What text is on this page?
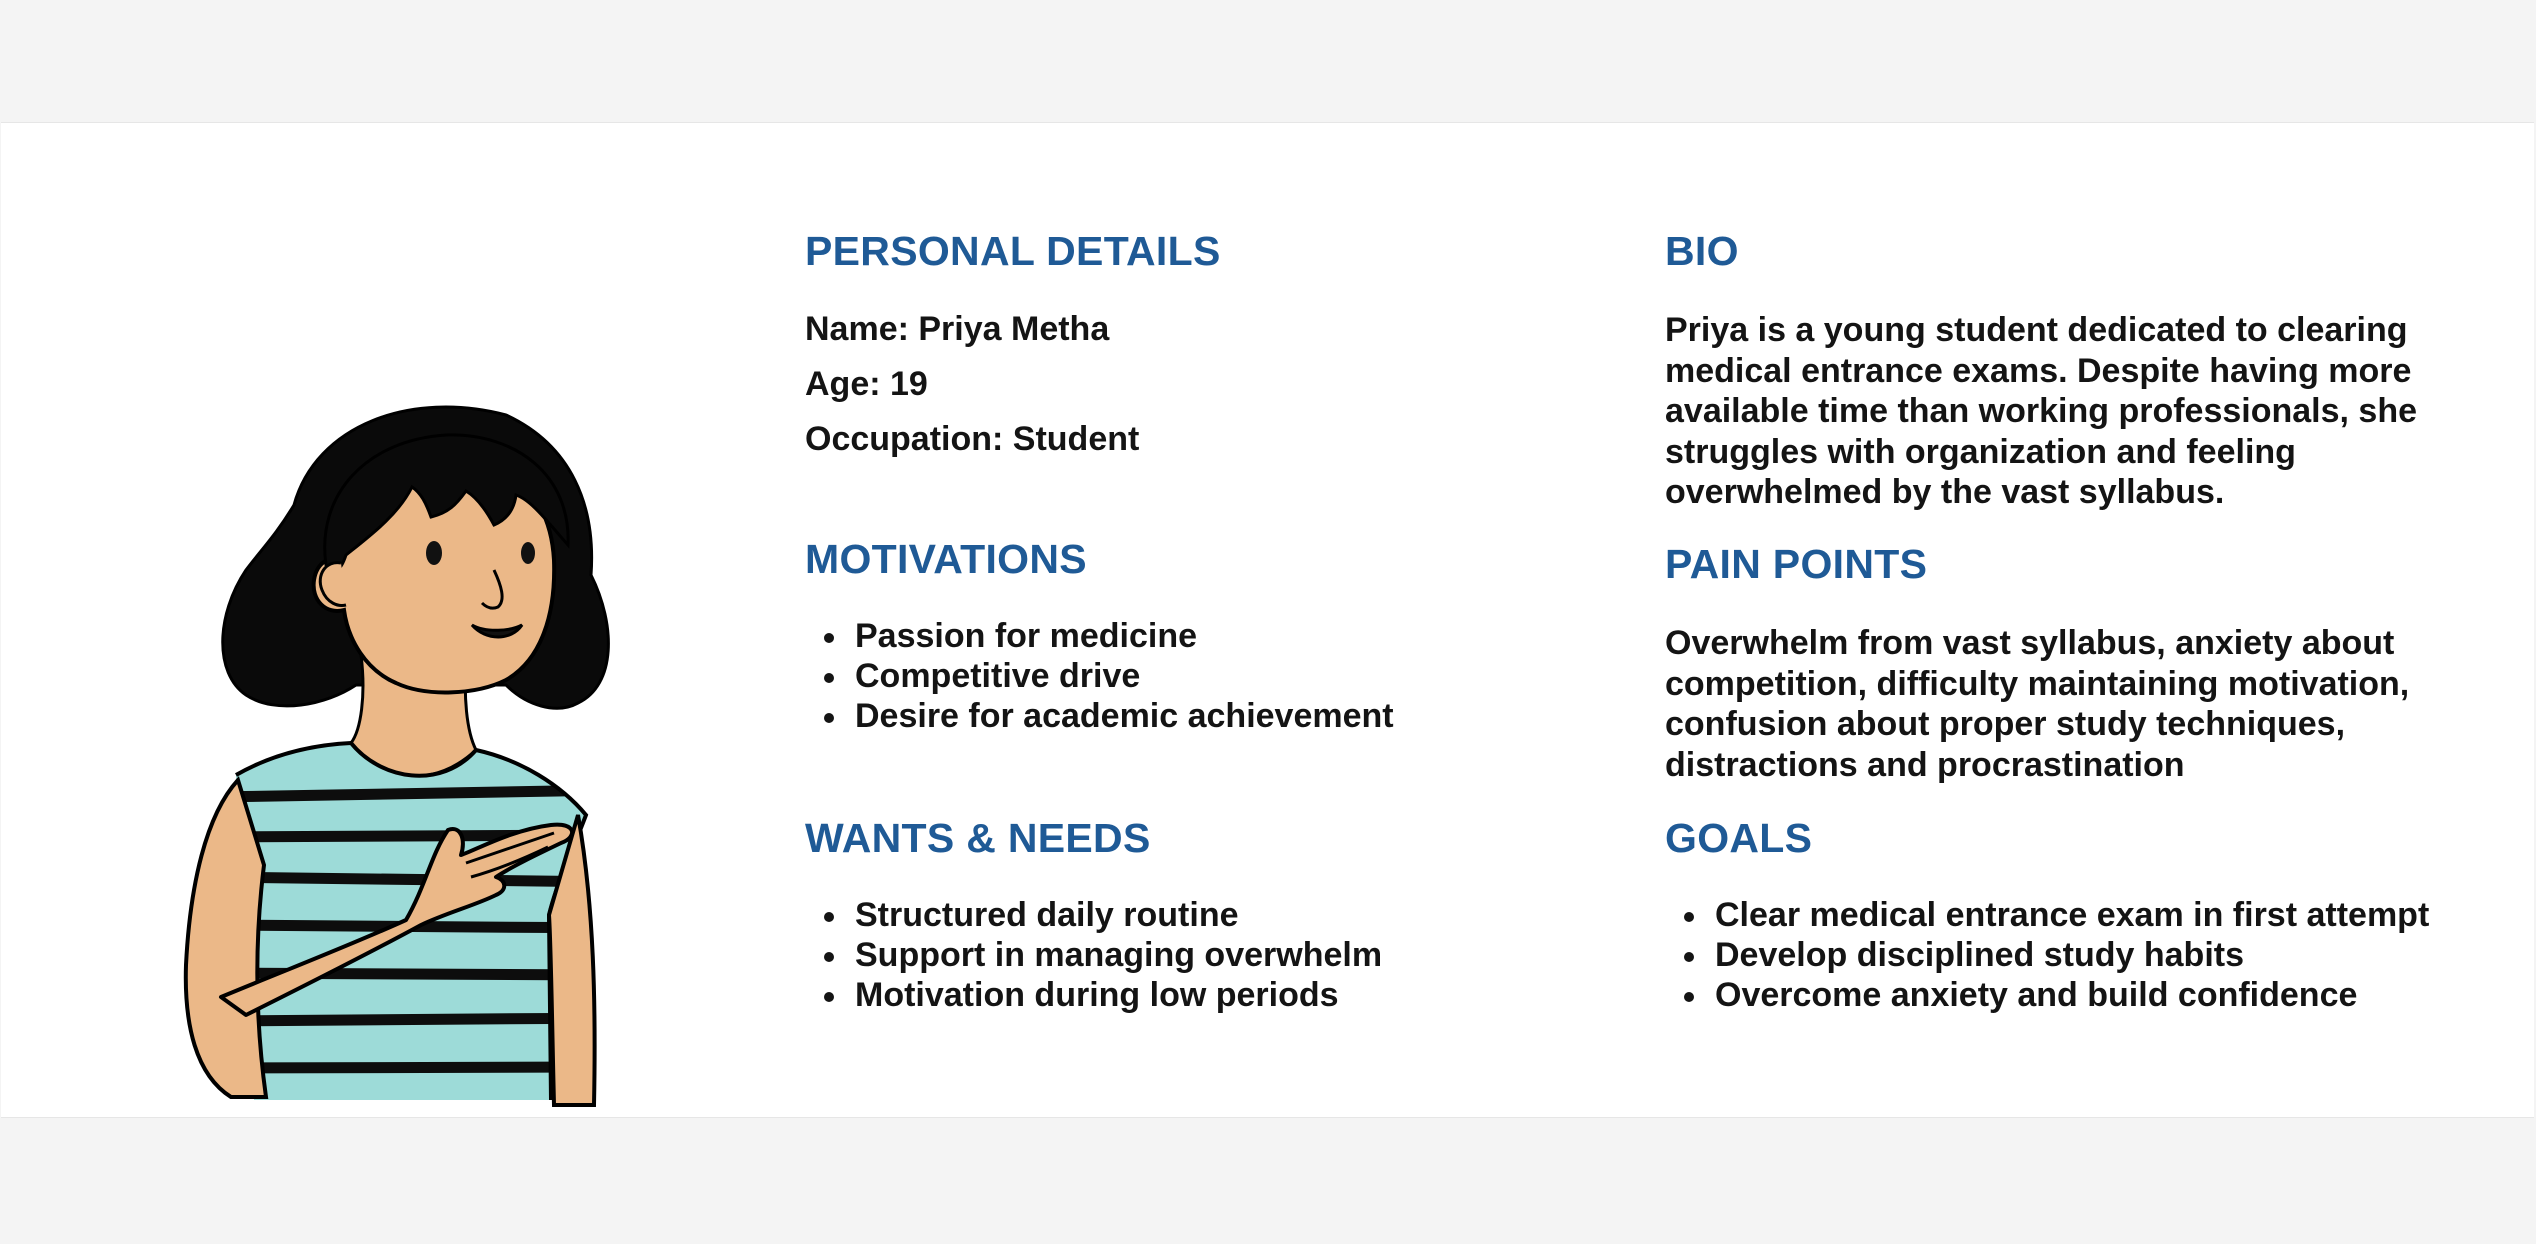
PERSONAL DETAILS

Name: Priya Metha

Age: 19

Occupation: Student

MOTIVATIONS
Passion for medicine
Competitive drive
Desire for academic achievement
WANTS & NEEDS
Structured daily routine
Support in managing overwhelm
Motivation during low periods
BIO
Priya is a young student dedicated to clearing
medical entrance exams. Despite having more
available time than working professionals, she
struggles with organization and feeling
overwhelmed by the vast syllabus.
PAIN POINTS
Overwhelm from vast syllabus, anxiety about
competition, difficulty maintaining motivation,
confusion about proper study techniques,
distractions and procrastination
GOALS
Clear medical entrance exam in first attempt
Develop disciplined study habits
Overcome anxiety and build confidence
